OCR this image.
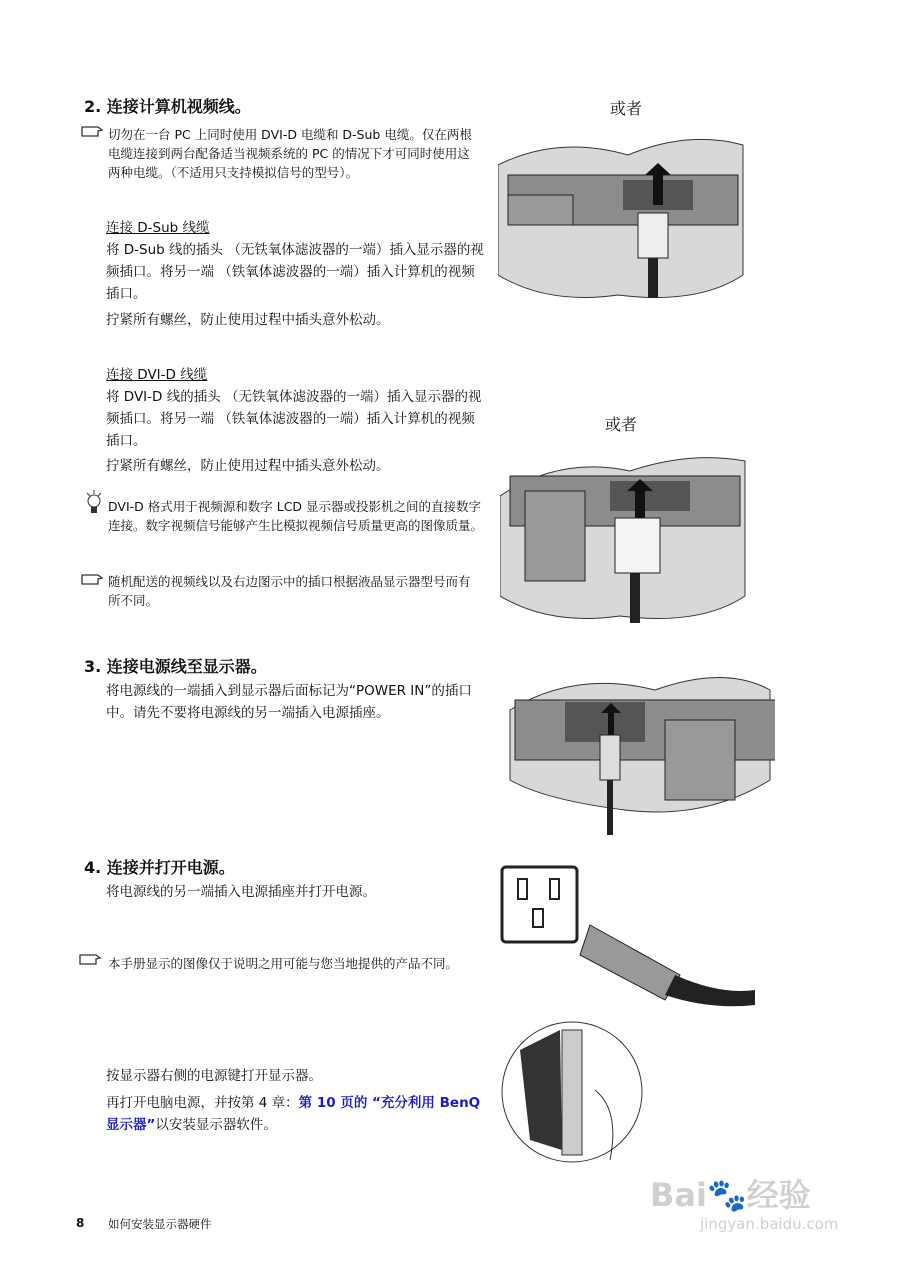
2. 连接计算机视频线。
切勿在一台 PC 上同时使用 DVI-D 电缆和 D-Sub 电缆。仅在两根电缆连接到两台配备适当视频系统的 PC 的情况下才可同时使用这两种电缆。（不适用只支持模拟信号的型号）。
连接 D-Sub 线缆
将 D-Sub 线的插头 （无铁氧体滤波器的一端）插入显示器的视频插口。将另一端 （铁氧体滤波器的一端）插入计算机的视频插口。
拧紧所有螺丝，防止使用过程中插头意外松动。
连接 DVI-D 线缆
将 DVI-D 线的插头 （无铁氧体滤波器的一端）插入显示器的视频插口。将另一端 （铁氧体滤波器的一端）插入计算机的视频插口。
拧紧所有螺丝，防止使用过程中插头意外松动。
DVI-D 格式用于视频源和数字 LCD 显示器或投影机之间的直接数字连接。数字视频信号能够产生比模拟视频信号质量更高的图像质量。
随机配送的视频线以及右边图示中的插口根据液晶显示器型号而有所不同。
或者
或者
3. 连接电源线至显示器。
将电源线的一端插入到显示器后面标记为“POWER IN”的插口中。请先不要将电源线的另一端插入电源插座。
4. 连接并打开电源。
将电源线的另一端插入电源插座并打开电源。
本手册显示的图像仅于说明之用可能与您当地提供的产品不同。
按显示器右侧的电源键打开显示器。
再打开电脑电源，并按第 4 章：第 10 页的 “充分利用 BenQ 显示器”以安装显示器软件。
8 如何安装显示器硬件
Bai🐾经验
jingyan.baidu.com
